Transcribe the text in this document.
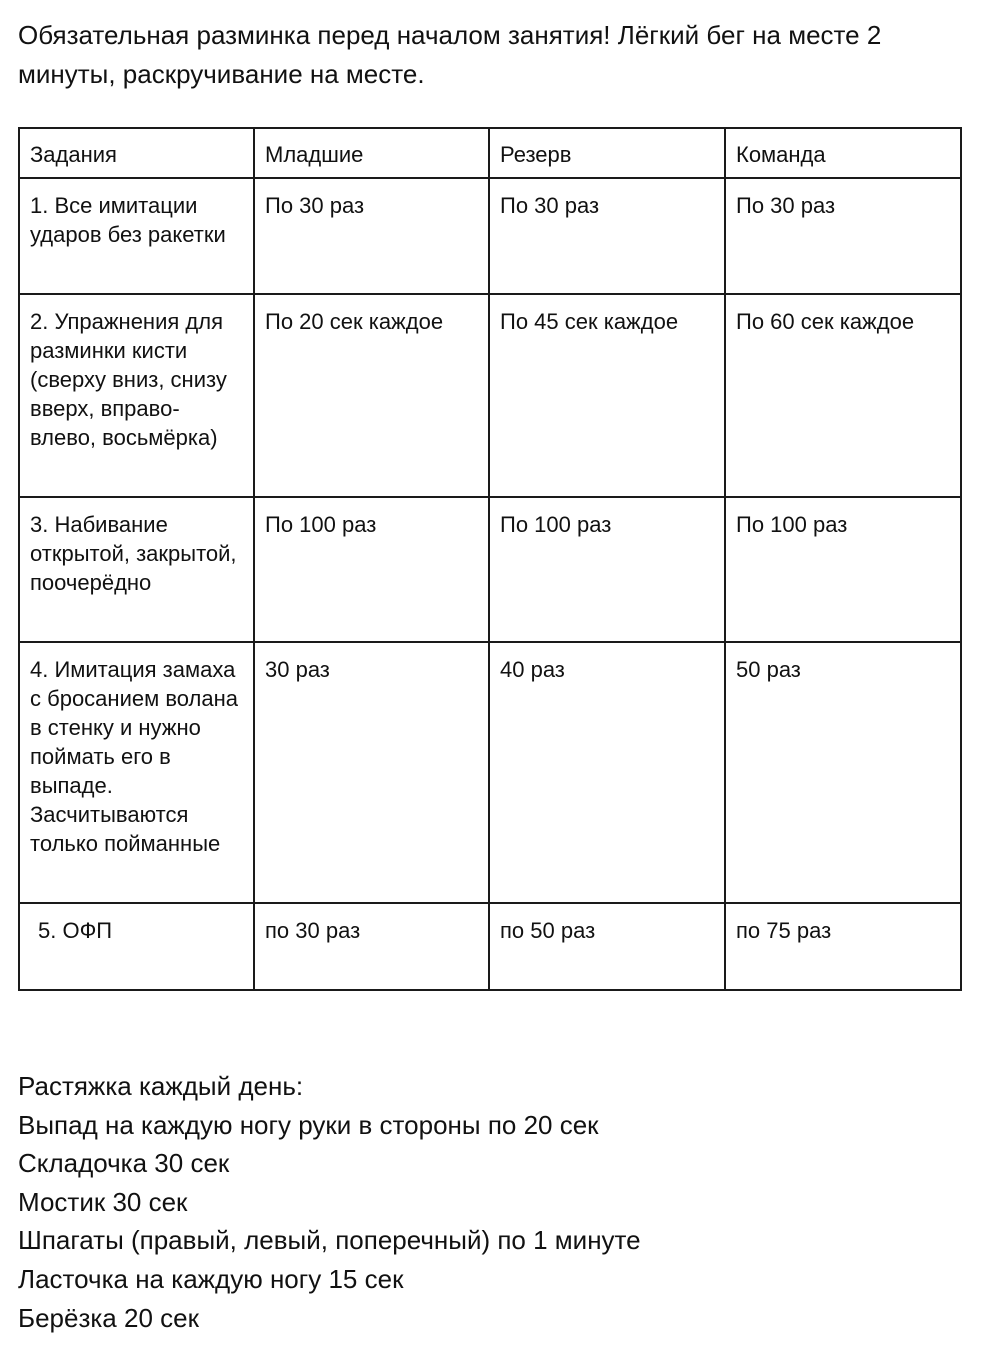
Обязательная разминка перед началом занятия! Лёгкий бег на месте 2 минуты, раскручивание на месте.

Задания	Младшие	Резерв	Команда
1. Все имитации ударов без ракетки	По 30 раз	По 30 раз	По 30 раз
2. Упражнения для разминки кисти (сверху вниз, снизу вверх, вправо- влево, восьмёрка)	По 20 сек каждое	По 45 сек каждое	По 60 сек каждое
3. Набивание открытой, закрытой, поочерёдно	По 100 раз	По 100 раз	По 100 раз
4. Имитация замаха с бросанием волана в стенку и нужно поймать его в выпаде. Засчитываются только пойманные	30 раз	40 раз	50 раз
5. ОФП	по 30 раз	по 50 раз	по 75 раз
Растяжка каждый день:
Выпад на каждую ногу руки в стороны по 20 сек
Складочка 30 сек
Мостик 30 сек
Шпагаты (правый, левый, поперечный) по 1 минуте
Ласточка на каждую ногу 15 сек
Берёзка 20 сек
